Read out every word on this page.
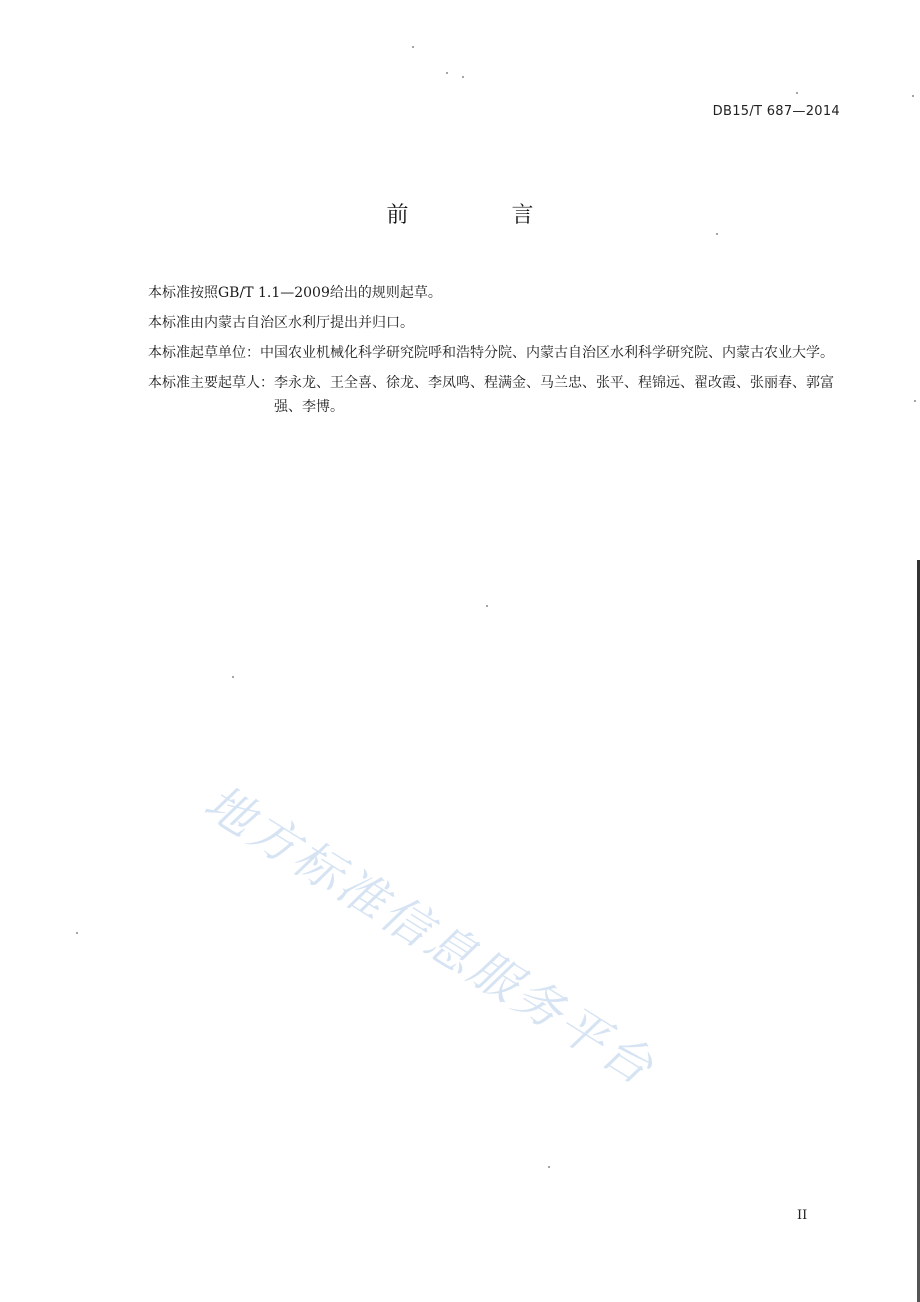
DB15/T 687—2014
前 言

本标准按照GB/T 1.1—2009给出的规则起草。

本标准由内蒙古自治区水利厅提出并归口。

本标准起草单位： 中国农业机械化科学研究院呼和浩特分院、内蒙古自治区水利科学研究院、内蒙古农业大学。
本标准主要起草人： 李永龙、王全喜、徐龙、李凤鸣、程满金、马兰忠、张平、程锦远、翟改霞、张丽春、郭富强、李博。
地方标准信息服务平台
II
